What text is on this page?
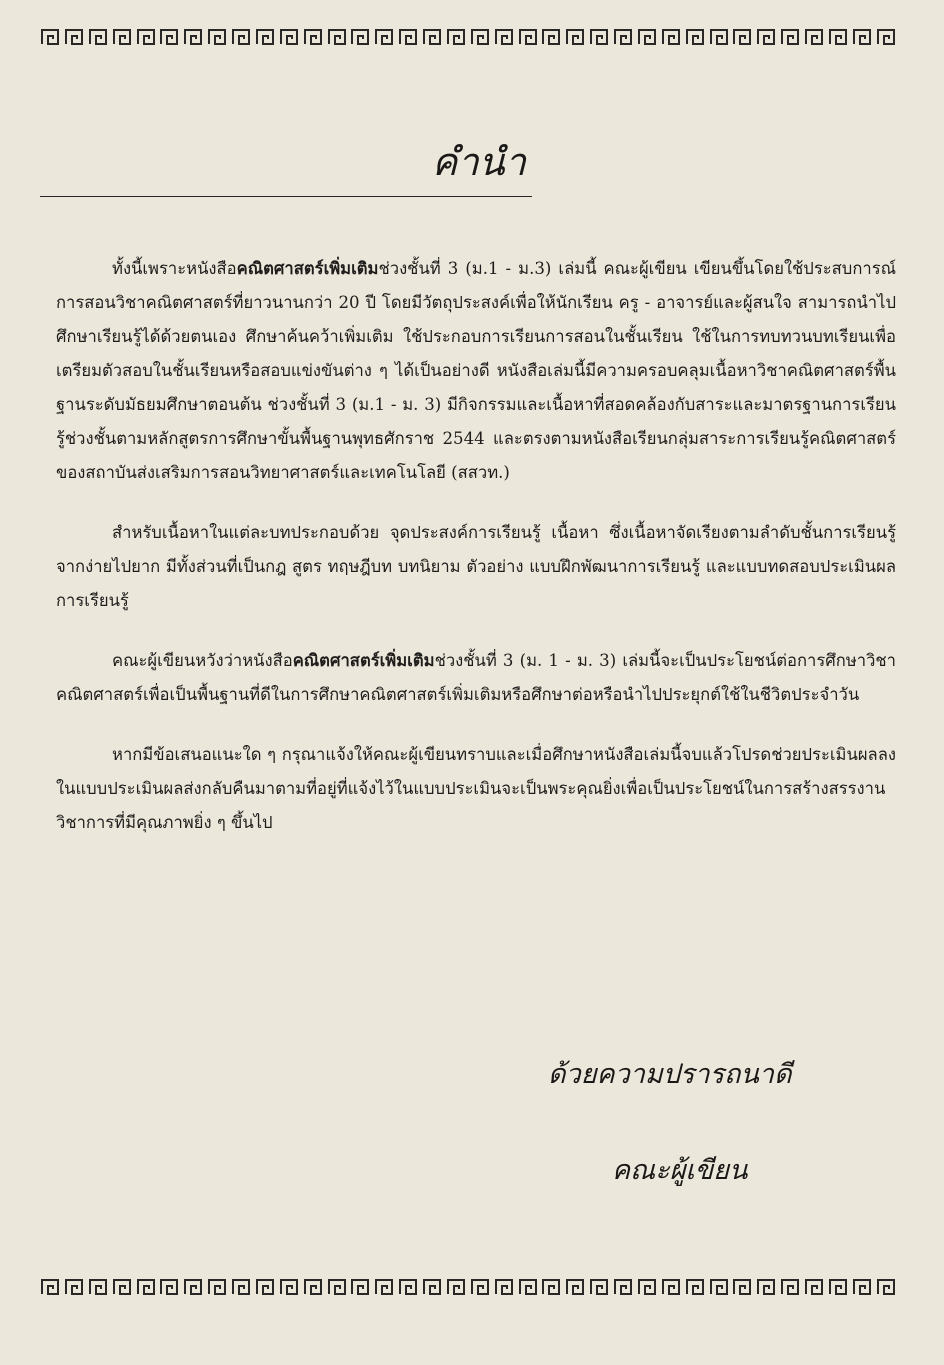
คำนำ

ทั้งนี้เพราะหนังสือคณิตศาสตร์เพิ่มเติมช่วงชั้นที่ 3 (ม.1 - ม.3) เล่มนี้ คณะผู้เขียน เขียนขึ้นโดยใช้ประสบการณ์การสอนวิชาคณิตศาสตร์ที่ยาวนานกว่า 20 ปี โดยมีวัตถุประสงค์เพื่อให้นักเรียน ครู - อาจารย์และผู้สนใจ สามารถนำไปศึกษาเรียนรู้ได้ด้วยตนเอง ศึกษาค้นคว้าเพิ่มเติม ใช้ประกอบการเรียนการสอนในชั้นเรียน ใช้ในการทบทวนบทเรียนเพื่อเตรียมตัวสอบในชั้นเรียนหรือสอบแข่งขันต่าง ๆ ได้เป็นอย่างดี หนังสือเล่มนี้มีความครอบคลุมเนื้อหาวิชาคณิตศาสตร์พื้นฐานระดับมัธยมศึกษาตอนต้น ช่วงชั้นที่ 3 (ม.1 - ม. 3) มีกิจกรรมและเนื้อหาที่สอดคล้องกับสาระและมาตรฐานการเรียนรู้ช่วงชั้นตามหลักสูตรการศึกษาขั้นพื้นฐานพุทธศักราช 2544 และตรงตามหนังสือเรียนกลุ่มสาระการเรียนรู้คณิตศาสตร์ของสถาบันส่งเสริมการสอนวิทยาศาสตร์และเทคโนโลยี (สสวท.)

สำหรับเนื้อหาในแต่ละบทประกอบด้วย จุดประสงค์การเรียนรู้ เนื้อหา ซึ่งเนื้อหาจัดเรียงตามลำดับชั้นการเรียนรู้จากง่ายไปยาก มีทั้งส่วนที่เป็นกฎ สูตร ทฤษฎีบท บทนิยาม ตัวอย่าง แบบฝึกพัฒนาการเรียนรู้ และแบบทดสอบประเมินผลการเรียนรู้

คณะผู้เขียนหวังว่าหนังสือคณิตศาสตร์เพิ่มเติมช่วงชั้นที่ 3 (ม. 1 - ม. 3) เล่มนี้จะเป็นประโยชน์ต่อการศึกษาวิชาคณิตศาสตร์เพื่อเป็นพื้นฐานที่ดีในการศึกษาคณิตศาสตร์เพิ่มเติมหรือศึกษาต่อหรือนำไปประยุกต์ใช้ในชีวิตประจำวัน

หากมีข้อเสนอแนะใด ๆ กรุณาแจ้งให้คณะผู้เขียนทราบและเมื่อศึกษาหนังสือเล่มนี้จบแล้วโปรดช่วยประเมินผลลงในแบบประเมินผลส่งกลับคืนมาตามที่อยู่ที่แจ้งไว้ในแบบประเมินจะเป็นพระคุณยิ่งเพื่อเป็นประโยชน์ในการสร้างสรรงานวิชาการที่มีคุณภาพยิ่ง ๆ ขึ้นไป

ด้วยความปรารถนาดี
คณะผู้เขียน
